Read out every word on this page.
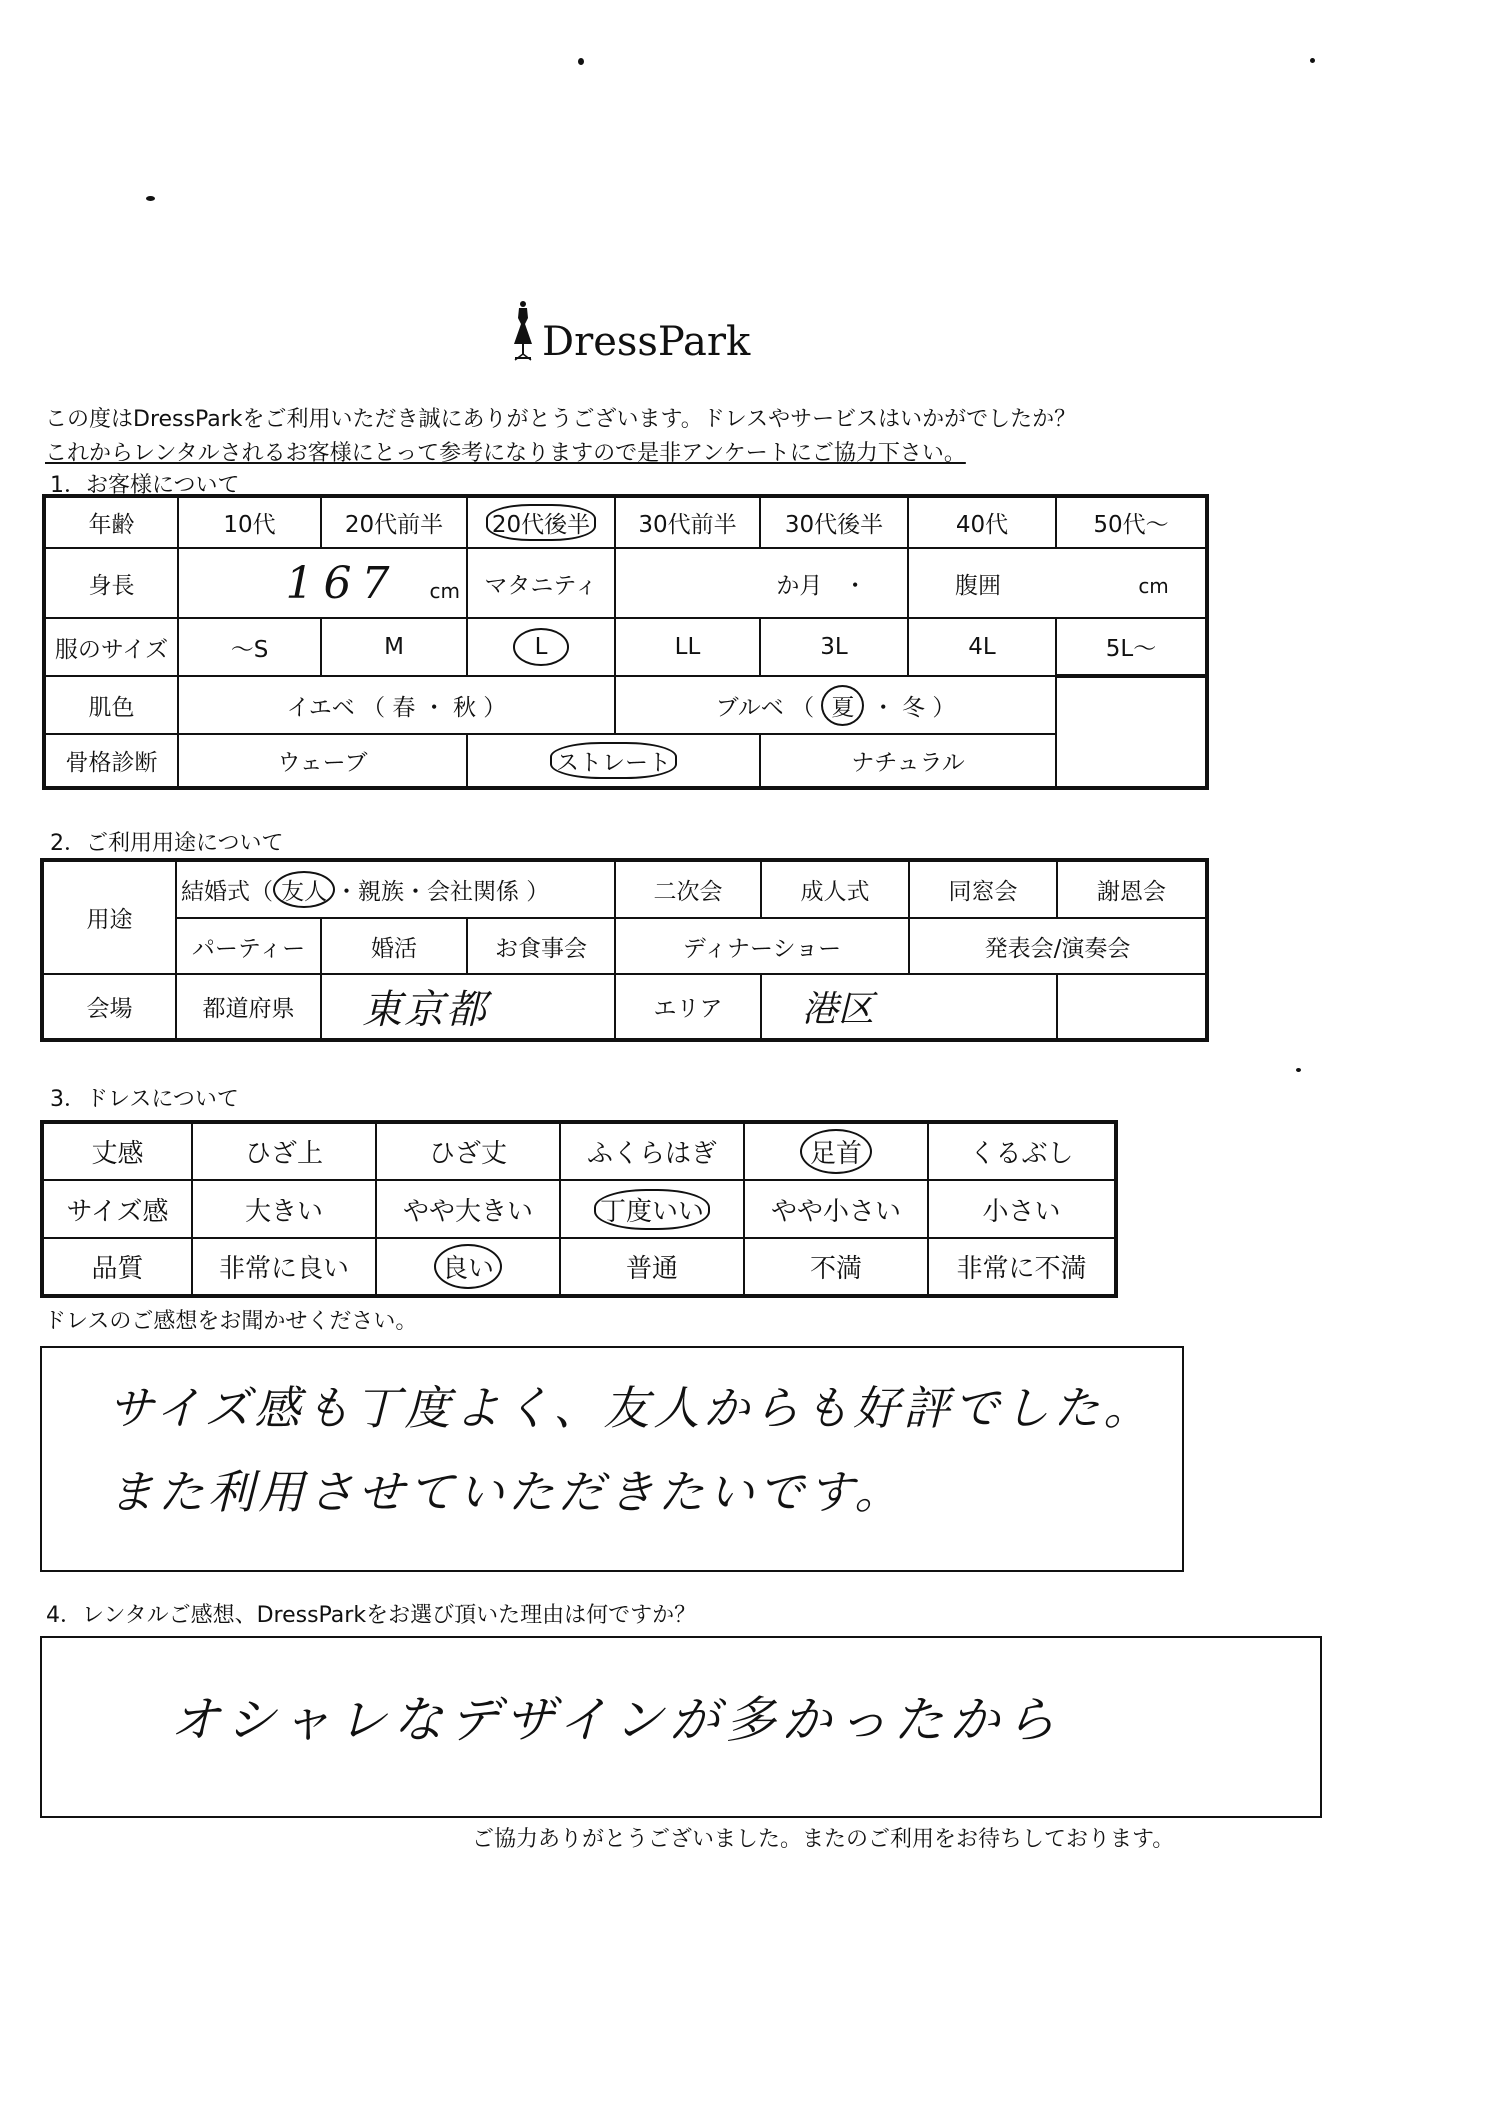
DressPark
この度はDressParkをご利用いただき誠にありがとうございます。ドレスやサービスはいかがでしたか？
これからレンタルされるお客様にとって参考になりますので是非アンケートにご協力下さい。
1．お客様について
年齢	10代	20代前半	20代後半	30代前半	30代後半	40代	50代～
身長	167 cm		マタニティ	か月 ・		腹囲 cm	
服のサイズ	～S	M	L	LL	3L	4L	5L～
肌色	イエベ （ 春 ・ 秋 ）			ブルベ （ 夏 ・ 冬 ）			
骨格診断	ウェーブ		ストレート		ナチュラル		
2．ご利用用途について
用途	結婚式（ 友人 ・親族・会社関係 ）			二次会	成人式	同窓会	謝恩会
	パーティー	婚活	お食事会	ディナーショー		発表会/演奏会	
会場	都道府県	東京都		エリア	港区		
3．ドレスについて
丈感	ひざ上	ひざ丈	ふくらはぎ	足首	くるぶし
サイズ感	大きい	やや大きい	丁度いい	やや小さい	小さい
品質	非常に良い	良い	普通	不満	非常に不満
ドレスのご感想をお聞かせください。
サイズ感も丁度よく、友人からも好評でした。
また利用させていただきたいです。
4．レンタルご感想、DressParkをお選び頂いた理由は何ですか？
オシャレなデザインが多かったから
ご協力ありがとうございました。またのご利用をお待ちしております。
